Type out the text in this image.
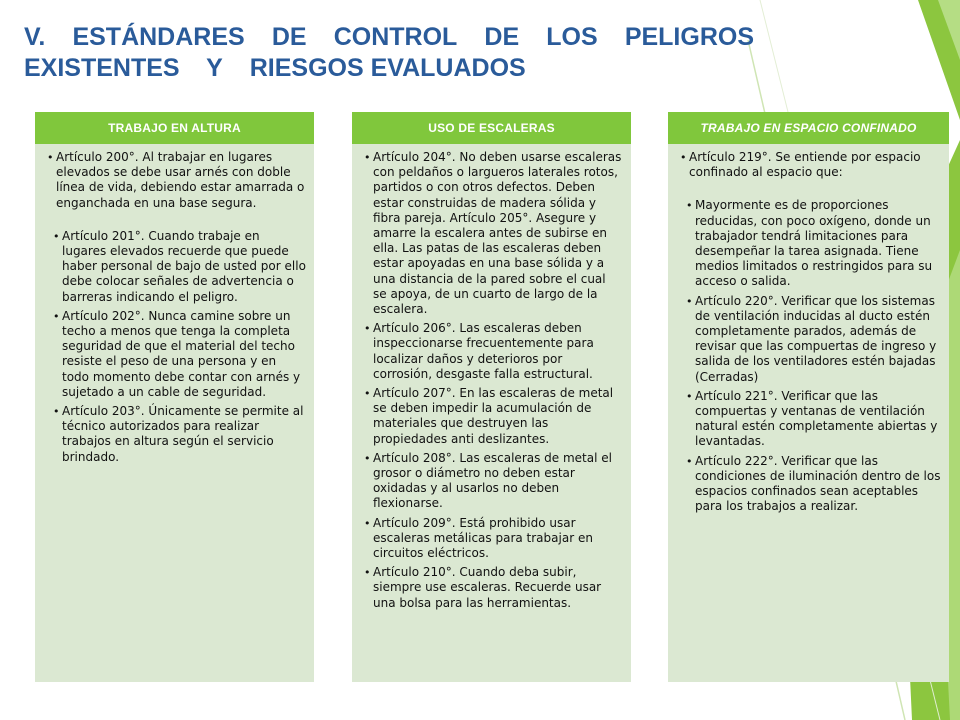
V. ESTÁNDARES DE CONTROL DE LOS PELIGROS
EXISTENTES Y RIESGOS EVALUADOS
TRABAJO EN ALTURA
• Artículo 200°. Al trabajar en lugares elevados se debe usar arnés con doble línea de vida, debiendo estar amarrada o enganchada en una base segura.
• Artículo 201°. Cuando trabaje en lugares elevados recuerde que puede haber personal de bajo de usted por ello debe colocar señales de advertencia o barreras indicando el peligro.
• Artículo 202°. Nunca camine sobre un techo a menos que tenga la completa seguridad de que el material del techo resiste el peso de una persona y en todo momento debe contar con arnés y sujetado a un cable de seguridad.
• Artículo 203°. Únicamente se permite al técnico autorizados para realizar trabajos en altura según el servicio brindado.
USO DE ESCALERAS
• Artículo 204°. No deben usarse escaleras con peldaños o largueros laterales rotos, partidos o con otros defectos. Deben estar construidas de madera sólida y fibra pareja. Artículo 205°. Asegure y amarre la escalera antes de subirse en ella. Las patas de las escaleras deben estar apoyadas en una base sólida y a una distancia de la pared sobre el cual se apoya, de un cuarto de largo de la escalera.
• Artículo 206°. Las escaleras deben inspeccionarse frecuentemente para localizar daños y deterioros por corrosión, desgaste falla estructural.
• Artículo 207°. En las escaleras de metal se deben impedir la acumulación de materiales que destruyen las propiedades anti deslizantes.
• Artículo 208°. Las escaleras de metal el grosor o diámetro no deben estar oxidadas y al usarlos no deben flexionarse.
• Artículo 209°. Está prohibido usar escaleras metálicas para trabajar en circuitos eléctricos.
• Artículo 210°. Cuando deba subir, siempre use escaleras. Recuerde usar una bolsa para las herramientas.
TRABAJO EN ESPACIO CONFINADO
• Artículo 219°. Se entiende por espacio confinado al espacio que:
• Mayormente es de proporciones reducidas, con poco oxígeno, donde un trabajador tendrá limitaciones para desempeñar la tarea asignada. Tiene medios limitados o restringidos para su acceso o salida.
• Artículo 220°. Verificar que los sistemas de ventilación inducidas al ducto estén completamente parados, además de revisar que las compuertas de ingreso y salida de los ventiladores estén bajadas (Cerradas)
• Artículo 221°. Verificar que las compuertas y ventanas de ventilación natural estén completamente abiertas y levantadas.
• Artículo 222°. Verificar que las condiciones de iluminación dentro de los espacios confinados sean aceptables para los trabajos a realizar.
